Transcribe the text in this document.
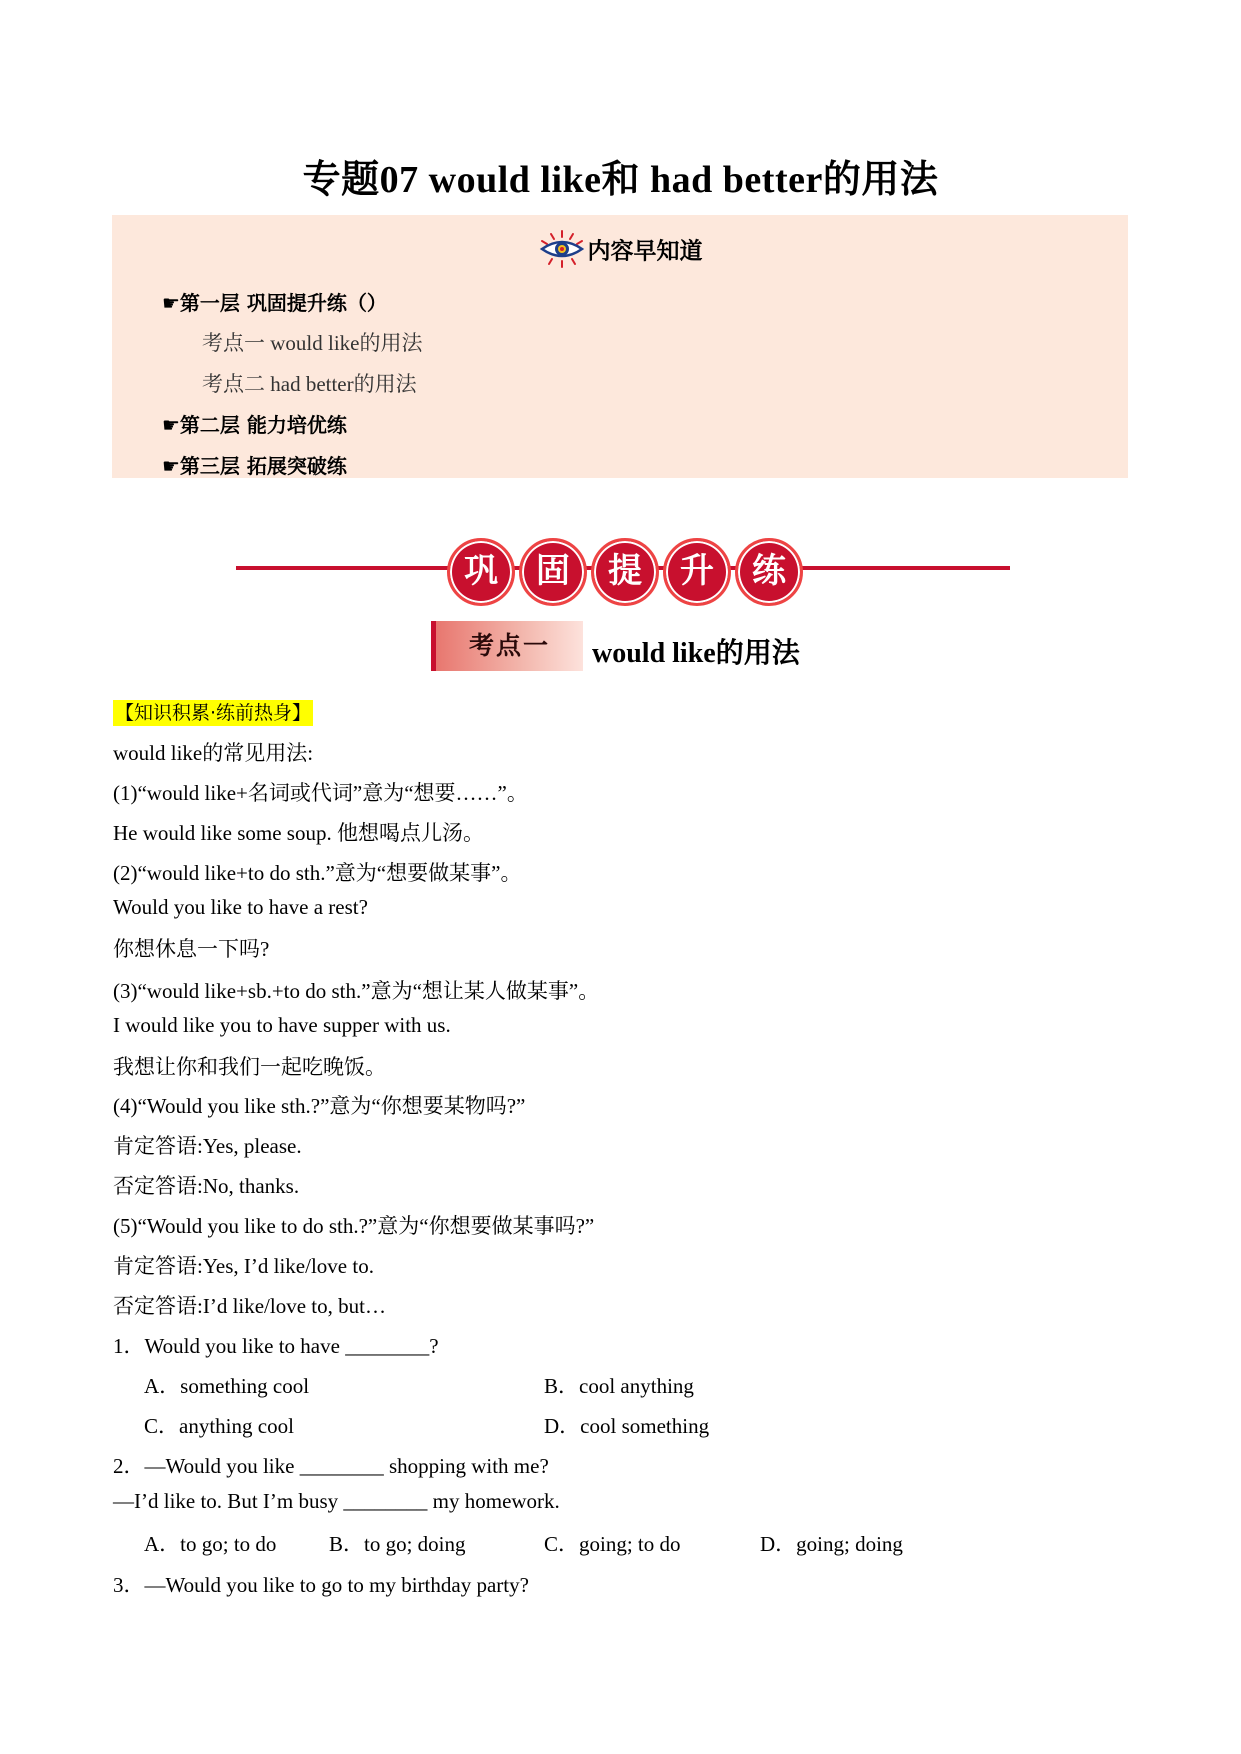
专题07 would like和 had better的用法
内容早知道
☛第一层 巩固提升练（）
考点一 would like的用法
考点二 had better的用法
☛第二层 能力培优练
☛第三层 拓展突破练
巩	固	提	升	练
考点一	would like的用法
【知识积累·练前热身】
would like的常见用法:
(1)“would like+名词或代词”意为“想要……”。
He would like some soup. 他想喝点儿汤。
(2)“would like+to do sth.”意为“想要做某事”。
Would you like to have a rest?
你想休息一下吗?
(3)“would like+sb.+to do sth.”意为“想让某人做某事”。
I would like you to have supper with us.
我想让你和我们一起吃晚饭。
(4)“Would you like sth.?”意为“你想要某物吗?”
肯定答语:Yes, please.
否定答语:No, thanks.
(5)“Would you like to do sth.?”意为“你想要做某事吗?”
肯定答语:Yes, I’d like/love to.
否定答语:I’d like/love to, but…
1．Would you like to have ________?
A．something cool	B．cool anything
C．anything cool	D．cool something
2．—Would you like ________ shopping with me?
—I’d like to. But I’m busy ________ my homework.
A．to go; to do	B．to go; doing	C．going; to do	D．going; doing
3．—Would you like to go to my birthday party?
